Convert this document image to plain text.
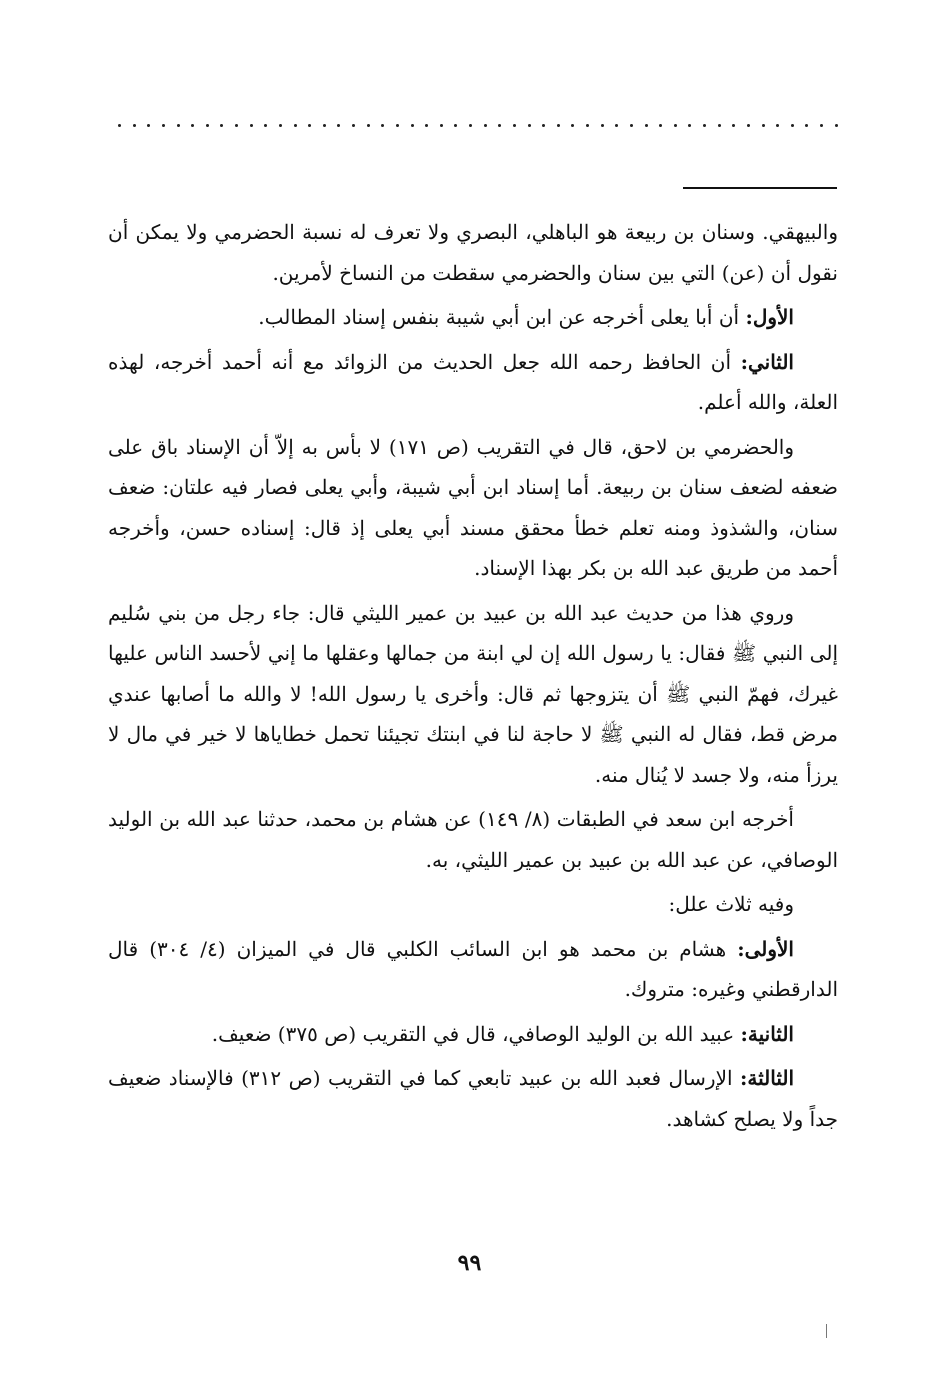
والبيهقي. وسنان بن ربيعة هو الباهلي، البصري ولا تعرف له نسبة الحضرمي ولا يمكن أن نقول أن (عن) التي بين سنان والحضرمي سقطت من النساخ لأمرين.

الأول: أن أبا يعلى أخرجه عن ابن أبي شيبة بنفس إسناد المطالب.

الثاني: أن الحافظ رحمه الله جعل الحديث من الزوائد مع أنه أحمد أخرجه، لهذه العلة، والله أعلم.

والحضرمي بن لاحق، قال في التقريب (ص ١٧١) لا بأس به إلاّ أن الإسناد باق على ضعفه لضعف سنان بن ربيعة. أما إسناد ابن أبي شيبة، وأبي يعلى فصار فيه علتان: ضعف سنان، والشذوذ ومنه تعلم خطأ محقق مسند أبي يعلى إذ قال: إسناده حسن، وأخرجه أحمد من طريق عبد الله بن بكر بهذا الإسناد.

وروي هذا من حديث عبد الله بن عبيد بن عمير الليثي قال: جاء رجل من بني سُليم إلى النبي ﷺ فقال: يا رسول الله إن لي ابنة من جمالها وعقلها ما إني لأحسد الناس عليها غيرك، فهمّ النبي ﷺ أن يتزوجها ثم قال: وأخرى يا رسول الله! لا والله ما أصابها عندي مرض قط، فقال له النبي ﷺ لا حاجة لنا في ابنتك تجيئنا تحمل خطاياها لا خير في مال لا يرزأ منه، ولا جسد لا يُنال منه.

أخرجه ابن سعد في الطبقات (٨/ ١٤٩) عن هشام بن محمد، حدثنا عبد الله بن الوليد الوصافي، عن عبد الله بن عبيد بن عمير الليثي، به.

وفيه ثلاث علل:

الأولى: هشام بن محمد هو ابن السائب الكلبي قال في الميزان (٤/ ٣٠٤) قال الدارقطني وغيره: متروك.

الثانية: عبيد الله بن الوليد الوصافي، قال في التقريب (ص ٣٧٥) ضعيف.

الثالثة: الإرسال فعبد الله بن عبيد تابعي كما في التقريب (ص ٣١٢) فالإسناد ضعيف جداً ولا يصلح كشاهد.

٩٩
